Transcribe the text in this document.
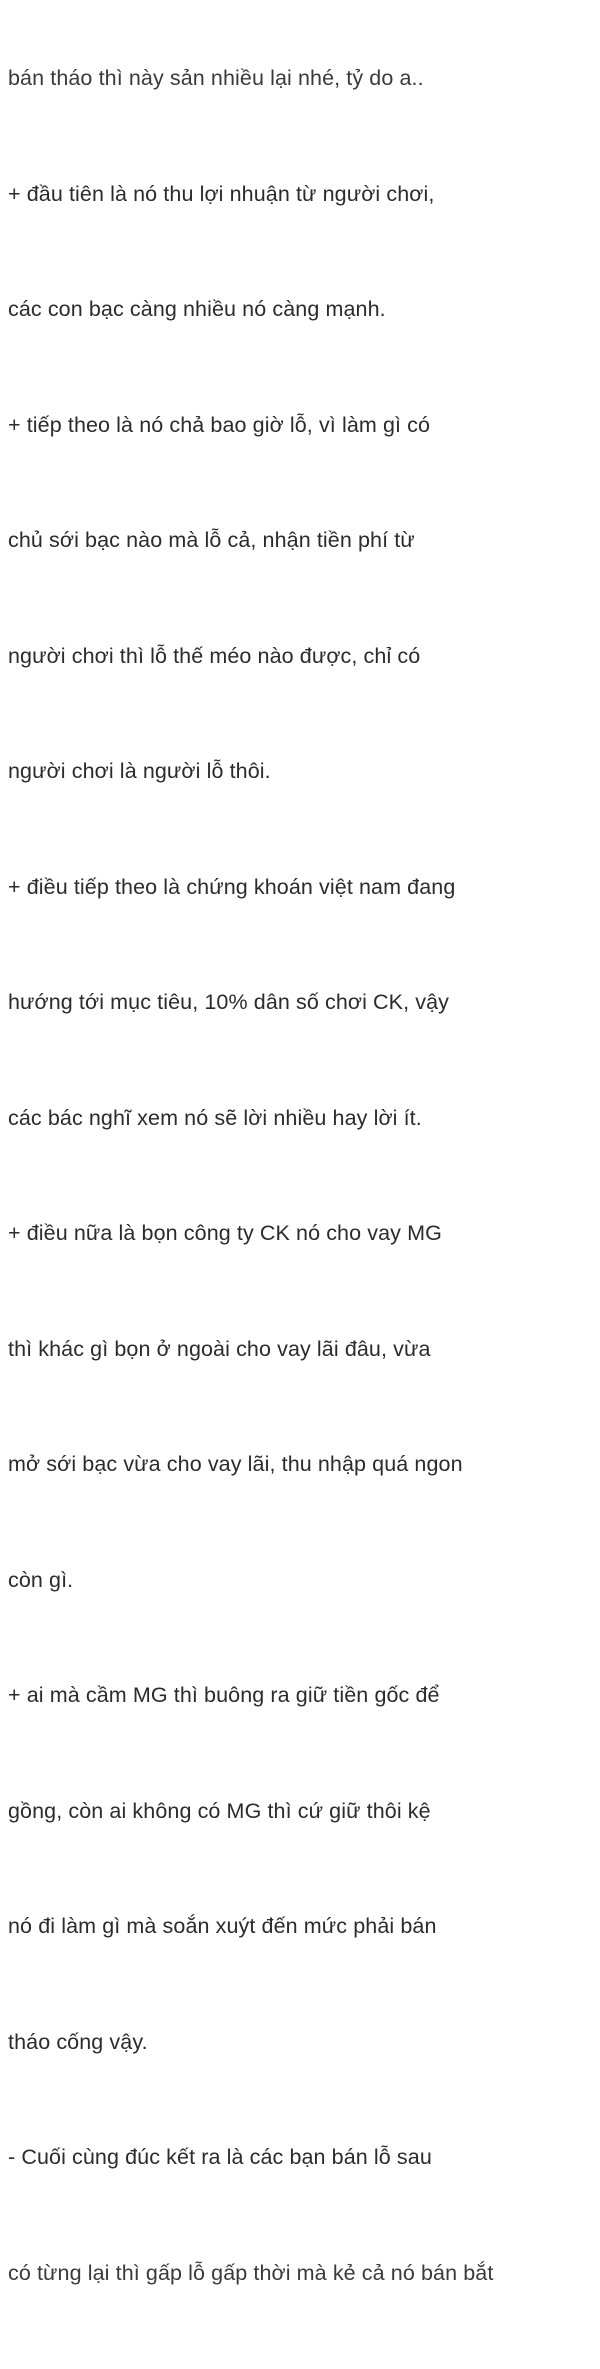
bán tháo thì này sản nhiều lại nhé, tỷ do a..

+ đầu tiên là nó thu lợi nhuận từ người chơi,

các con bạc càng nhiều nó càng mạnh.

+ tiếp theo là nó chả bao giờ lỗ, vì làm gì có

chủ sới bạc nào mà lỗ cả, nhận tiền phí từ

người chơi thì lỗ thế méo nào được, chỉ có

người chơi là người lỗ thôi.

+ điều tiếp theo là chứng khoán việt nam đang

hướng tới mục tiêu, 10% dân số chơi CK, vậy

các bác nghĩ xem nó sẽ lời nhiều hay lời ít.

+ điều nữa là bọn công ty CK nó cho vay MG

thì khác gì bọn ở ngoài cho vay lãi đâu, vừa

mở sới bạc vừa cho vay lãi, thu nhập quá ngon

còn gì.

+ ai mà cầm MG thì buông ra giữ tiền gốc để

gồng, còn ai không có MG thì cứ giữ thôi kệ

nó đi làm gì mà soắn xuýt đến mức phải bán

tháo cống vậy.

- Cuối cùng đúc kết ra là các bạn bán lỗ sau

có từng lại thì gấp lỗ gấp thời mà kẻ cả nó bán bắt
